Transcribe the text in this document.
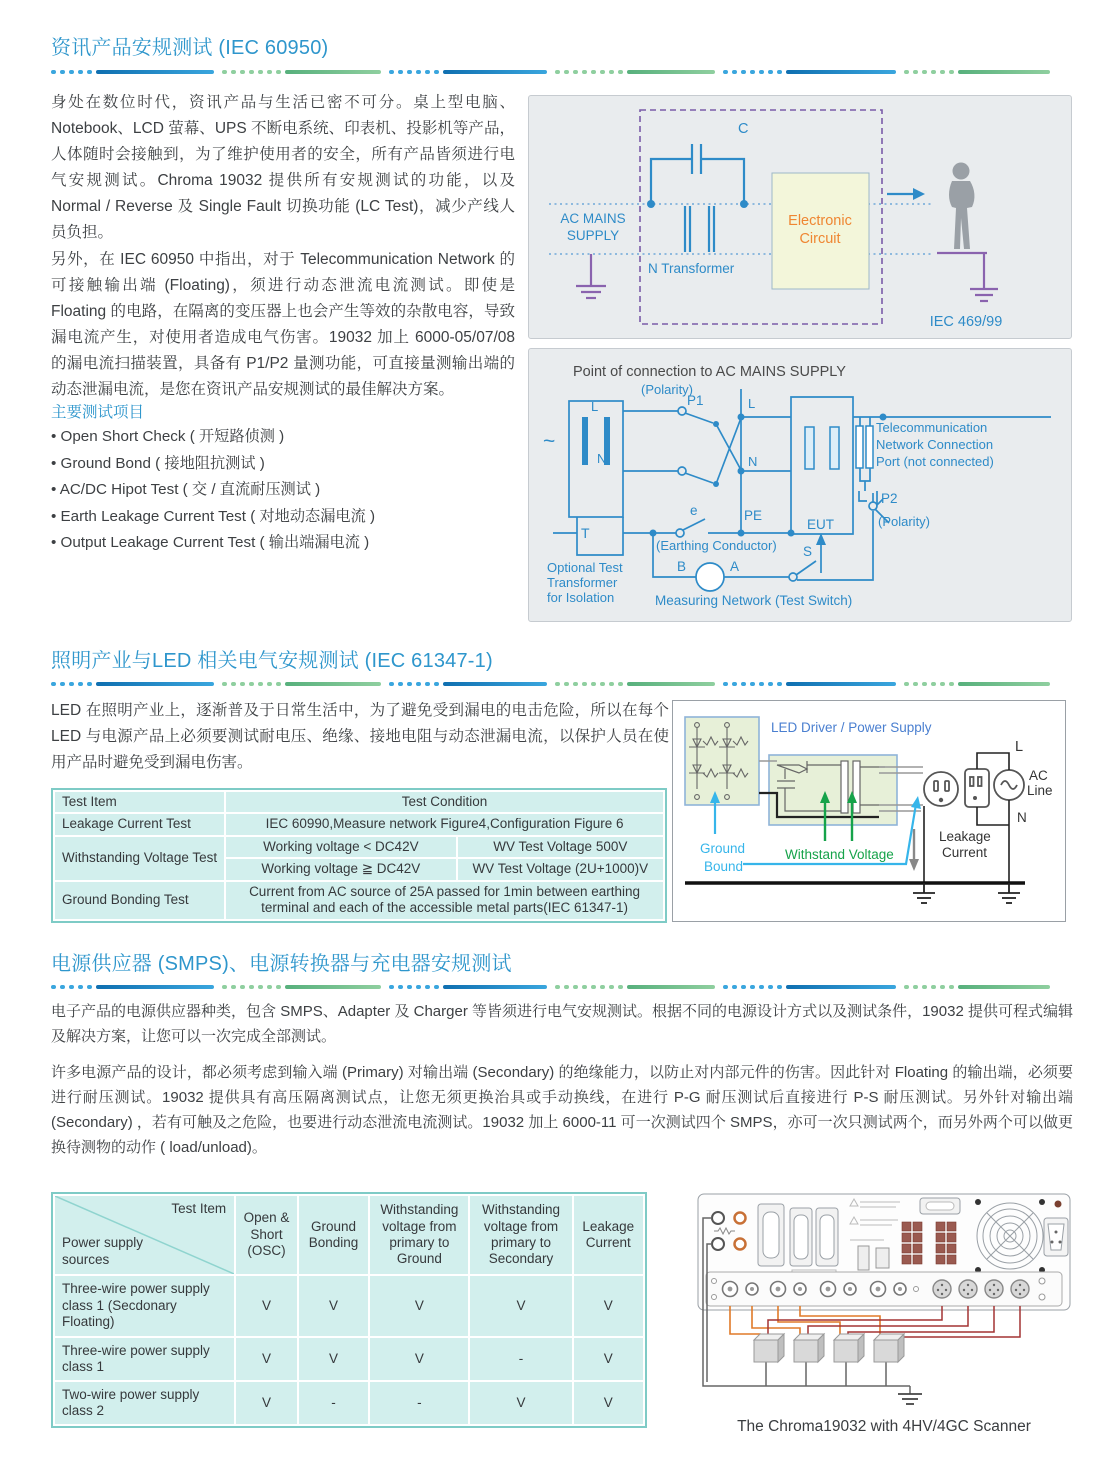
资讯产品安规测试 (IEC 60950)
身处在数位时代，资讯产品与生活已密不可分。桌上型电脑、Notebook、LCD 萤幕、UPS 不断电系统、印表机、投影机等产品，人体随时会接触到，为了维护使用者的安全，所有产品皆须进行电气安规测试。Chroma 19032 提供所有安规测试的功能，以及 Normal / Reverse 及 Single Fault 切换功能 (LC Test)，减少产线人员负担。
另外，在 IEC 60950 中指出，对于 Telecommunication Network 的可接触输出端 (Floating)，须进行动态泄流电流测试。即使是 Floating 的电路，在隔离的变压器上也会产生等效的杂散电容，导致漏电流产生，对使用者造成电气伤害。19032 加上 6000-05/07/08 的漏电流扫描装置，具备有 P1/P2 量测功能，可直接量测输出端的动态泄漏电流，是您在资讯产品安规测试的最佳解决方案。
主要测试项目
• Open Short Check ( 开短路侦测 )
• Ground Bond ( 接地阻抗测试 )
• AC/DC Hipot Test ( 交 / 直流耐压测试 )
• Earth Leakage Current Test ( 对地动态漏电流 )
• Output Leakage Current Test ( 输出端漏电流 )
C
AC MAINS
SUPPLY
N Transformer
IEC 469/99
Electronic
Circuit
Point of connection to AC MAINS SUPPLY
(Polarity)
~
L
N
P1	L
N
T
e	PE
EUT
B	A
S
P2
(Polarity)
(Earthing Conductor)
Telecommunication
Network Connection
Port (not connected)
Optional Test
Transformer
for Isolation	Measuring Network (Test Switch)
照明产业与LED 相关电气安规测试 (IEC 61347-1)
LED 在照明产业上，逐渐普及于日常生活中，为了避免受到漏电的电击危险，所以在每个 LED 与电源产品上必须要测试耐电压、绝缘、接地电阻与动态泄漏电流，以保护人员在使用产品时避免受到漏电伤害。
Test Item	Test Condition	
Leakage Current Test	IEC 60990,Measure network Figure4,Configuration Figure 6	
Withstanding Voltage Test	Working voltage < DC42V	WV Test Voltage 500V
	Working voltage ≧ DC42V	WV Test Voltage (2U+1000)V
Ground Bonding Test	Current from AC source of 25A passed for 1min between earthing terminal and each of the accessible metal parts(IEC 61347-1)	
LED Driver / Power Supply
Ground
Bound
Withstand Voltage
Leakage
Current
AC
Line
L
N
电源供应器 (SMPS)、电源转换器与充电器安规测试
电子产品的电源供应器种类，包含 SMPS、Adapter 及 Charger 等皆须进行电气安规测试。根据不同的电源设计方式以及测试条件，19032 提供可程式编辑及解决方案，让您可以一次完成全部测试。
许多电源产品的设计，都必须考虑到输入端 (Primary) 对输出端 (Secondary) 的绝缘能力，以防止对内部元件的伤害。因此针对 Floating 的输出端，必须要进行耐压测试。19032 提供具有高压隔离测试点，让您无须更换治具或手动换线，在进行 P-G 耐压测试后直接进行 P-S 耐压测试。另外针对输出端 (Secondary) ，若有可触及之危险，也要进行动态泄流电流测试。19032 加上 6000-11 可一次测试四个 SMPS，亦可一次只测试两个，而另外两个可以做更换待测物的动作 ( load/unload)。
Test Item
Power supply sources	Open & Short (OSC)	Ground Bonding	Withstanding voltage from primary to Ground	Withstanding voltage from primary to Secondary	Leakage Current
Three-wire power supply class 1 (Secdonary Floating)	V	V	V	V	V
Three-wire power supply class 1	V	V	V	-	V
Two-wire power supply class 2	V	-	-	V	V
The Chroma19032 with 4HV/4GC Scanner
